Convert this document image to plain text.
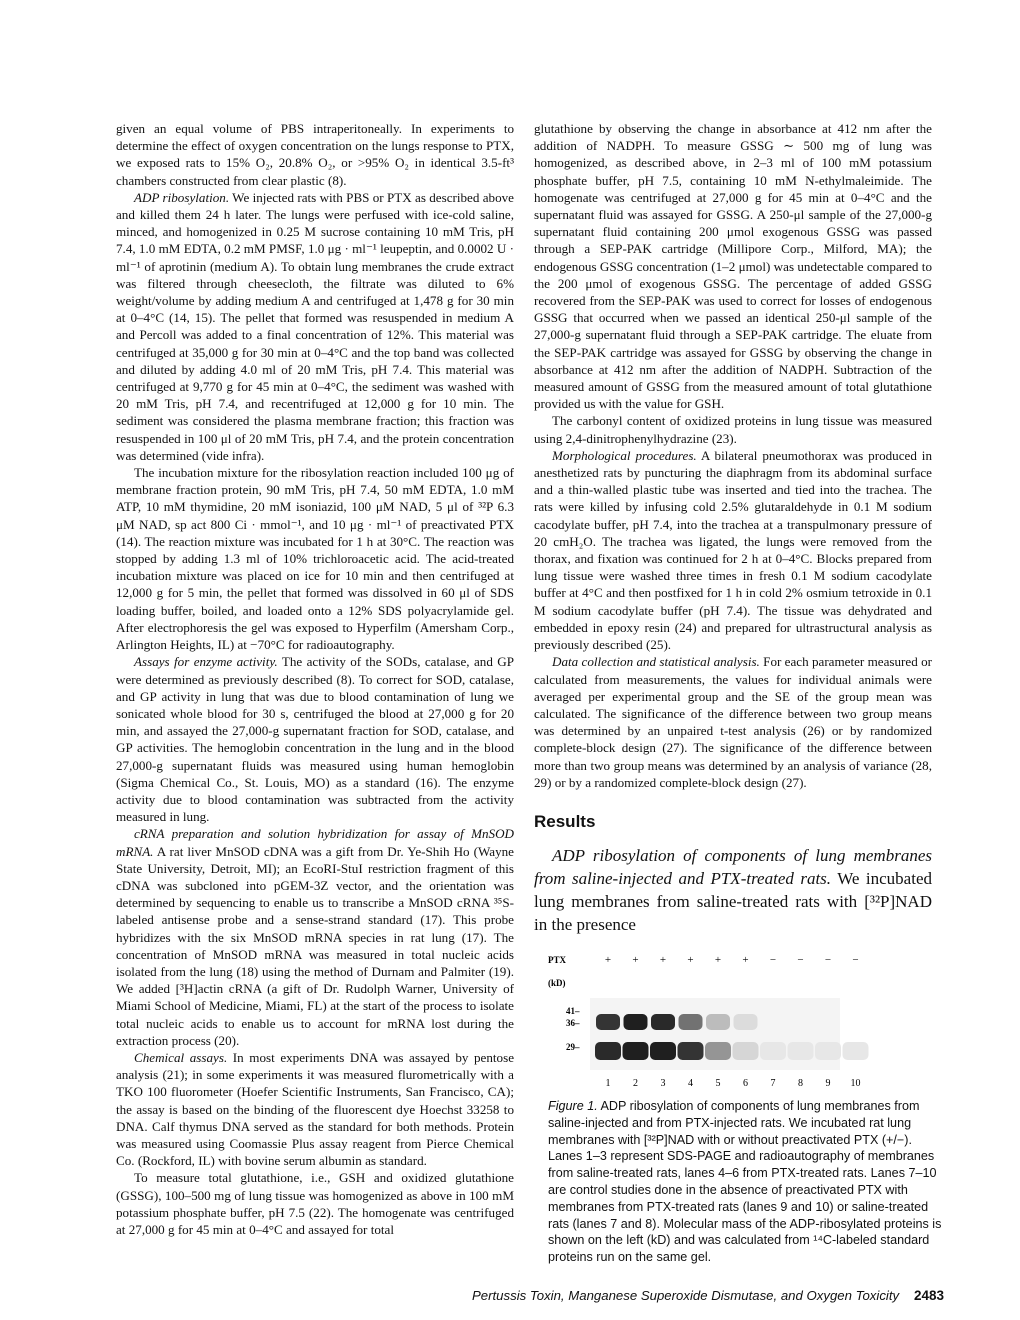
given an equal volume of PBS intraperitoneally. In experiments to determine the effect of oxygen concentration on the lungs response to PTX, we exposed rats to 15% O₂, 20.8% O₂, or >95% O₂ in identical 3.5-ft³ chambers constructed from clear plastic (8).

ADP ribosylation. We injected rats with PBS or PTX as described above and killed them 24 h later. The lungs were perfused with ice-cold saline, minced, and homogenized in 0.25 M sucrose containing 10 mM Tris, pH 7.4, 1.0 mM EDTA, 0.2 mM PMSF, 1.0 μg · ml⁻¹ leupeptin, and 0.0002 U · ml⁻¹ of aprotinin (medium A). To obtain lung membranes the crude extract was filtered through cheesecloth, the filtrate was diluted to 6% weight/volume by adding medium A and centrifuged at 1,478 g for 30 min at 0–4°C (14, 15). The pellet that formed was resuspended in medium A and Percoll was added to a final concentration of 12%. This material was centrifuged at 35,000 g for 30 min at 0–4°C and the top band was collected and diluted by adding 4.0 ml of 20 mM Tris, pH 7.4. This material was centrifuged at 9,770 g for 45 min at 0–4°C, the sediment was washed with 20 mM Tris, pH 7.4, and recentrifuged at 12,000 g for 10 min. The sediment was considered the plasma membrane fraction; this fraction was resuspended in 100 μl of 20 mM Tris, pH 7.4, and the protein concentration was determined (vide infra).

The incubation mixture for the ribosylation reaction included 100 μg of membrane fraction protein, 90 mM Tris, pH 7.4, 50 mM EDTA, 1.0 mM ATP, 10 mM thymidine, 20 mM isoniazid, 100 μM NAD, 5 μl of ³²P 6.3 μM NAD, sp act 800 Ci · mmol⁻¹, and 10 μg · ml⁻¹ of preactivated PTX (14). The reaction mixture was incubated for 1 h at 30°C. The reaction was stopped by adding 1.3 ml of 10% trichloroacetic acid. The acid-treated incubation mixture was placed on ice for 10 min and then centrifuged at 12,000 g for 5 min, the pellet that formed was dissolved in 60 μl of SDS loading buffer, boiled, and loaded onto a 12% SDS polyacrylamide gel. After electrophoresis the gel was exposed to Hyperfilm (Amersham Corp., Arlington Heights, IL) at −70°C for radioautography.

Assays for enzyme activity. The activity of the SODs, catalase, and GP were determined as previously described (8). To correct for SOD, catalase, and GP activity in lung that was due to blood contamination of lung we sonicated whole blood for 30 s, centrifuged the blood at 27,000 g for 20 min, and assayed the 27,000-g supernatant fraction for SOD, catalase, and GP activities. The hemoglobin concentration in the lung and in the blood 27,000-g supernatant fluids was measured using human hemoglobin (Sigma Chemical Co., St. Louis, MO) as a standard (16). The enzyme activity due to blood contamination was subtracted from the activity measured in lung.

cRNA preparation and solution hybridization for assay of MnSOD mRNA. A rat liver MnSOD cDNA was a gift from Dr. Ye-Shih Ho (Wayne State University, Detroit, MI); an EcoRI-StuI restriction fragment of this cDNA was subcloned into pGEM-3Z vector, and the orientation was determined by sequencing to enable us to transcribe a MnSOD cRNA ³⁵S-labeled antisense probe and a sense-strand standard (17). This probe hybridizes with the six MnSOD mRNA species in rat lung (17). The concentration of MnSOD mRNA was measured in total nucleic acids isolated from the lung (18) using the method of Durnam and Palmiter (19). We added [³H]actin cRNA (a gift of Dr. Rudolph Warner, University of Miami School of Medicine, Miami, FL) at the start of the process to isolate total nucleic acids to enable us to account for mRNA lost during the extraction process (20).

Chemical assays. In most experiments DNA was assayed by pentose analysis (21); in some experiments it was measured flurometrically with a TKO 100 fluorometer (Hoefer Scientific Instruments, San Francisco, CA); the assay is based on the binding of the fluorescent dye Hoechst 33258 to DNA. Calf thymus DNA served as the standard for both methods. Protein was measured using Coomassie Plus assay reagent from Pierce Chemical Co. (Rockford, IL) with bovine serum albumin as standard.

To measure total glutathione, i.e., GSH and oxidized glutathione (GSSG), 100–500 mg of lung tissue was homogenized as above in 100 mM potassium phosphate buffer, pH 7.5 (22). The homogenate was centrifuged at 27,000 g for 45 min at 0–4°C and assayed for total

glutathione by observing the change in absorbance at 412 nm after the addition of NADPH. To measure GSSG ∼ 500 mg of lung was homogenized, as described above, in 2–3 ml of 100 mM potassium phosphate buffer, pH 7.5, containing 10 mM N-ethylmaleimide. The homogenate was centrifuged at 27,000 g for 45 min at 0–4°C and the supernatant fluid was assayed for GSSG. A 250-μl sample of the 27,000-g supernatant fluid containing 200 μmol exogenous GSSG was passed through a SEP-PAK cartridge (Millipore Corp., Milford, MA); the endogenous GSSG concentration (1–2 μmol) was undetectable compared to the 200 μmol of exogenous GSSG. The percentage of added GSSG recovered from the SEP-PAK was used to correct for losses of endogenous GSSG that occurred when we passed an identical 250-μl sample of the 27,000-g supernatant fluid through a SEP-PAK cartridge. The eluate from the SEP-PAK cartridge was assayed for GSSG by observing the change in absorbance at 412 nm after the addition of NADPH. Subtraction of the measured amount of GSSG from the measured amount of total glutathione provided us with the value for GSH.

The carbonyl content of oxidized proteins in lung tissue was measured using 2,4-dinitrophenylhydrazine (23).

Morphological procedures. A bilateral pneumothorax was produced in anesthetized rats by puncturing the diaphragm from its abdominal surface and a thin-walled plastic tube was inserted and tied into the trachea. The rats were killed by infusing cold 2.5% glutaraldehyde in 0.1 M sodium cacodylate buffer, pH 7.4, into the trachea at a transpulmonary pressure of 20 cmH₂O. The trachea was ligated, the lungs were removed from the thorax, and fixation was continued for 2 h at 0–4°C. Blocks prepared from lung tissue were washed three times in fresh 0.1 M sodium cacodylate buffer at 4°C and then postfixed for 1 h in cold 2% osmium tetroxide in 0.1 M sodium cacodylate buffer (pH 7.4). The tissue was dehydrated and embedded in epoxy resin (24) and prepared for ultrastructural analysis as previously described (25).

Data collection and statistical analysis. For each parameter measured or calculated from measurements, the values for individual animals were averaged per experimental group and the SE of the group mean was calculated. The significance of the difference between two group means was determined by an unpaired t-test analysis (26) or by randomized complete-block design (27). The significance of the difference between more than two group means was determined by an analysis of variance (28, 29) or by a randomized complete-block design (27).

Results

ADP ribosylation of components of lung membranes from saline-injected and PTX-treated rats. We incubated lung membranes from saline-treated rats with [³²P]NAD in the presence

PTX
(kD)
+ + + + + + − − − −
41–
36–
29–
1 2 3 4 5 6 7 8 9 10
Figure 1. ADP ribosylation of components of lung membranes from saline-injected and from PTX-injected rats. We incubated rat lung membranes with [³²P]NAD with or without preactivated PTX (+/−). Lanes 1–3 represent SDS-PAGE and radioautography of membranes from saline-treated rats, lanes 4–6 from PTX-treated rats. Lanes 7–10 are control studies done in the absence of preactivated PTX with membranes from PTX-treated rats (lanes 9 and 10) or saline-treated rats (lanes 7 and 8). Molecular mass of the ADP-ribosylated proteins is shown on the left (kD) and was calculated from ¹⁴C-labeled standard proteins run on the same gel.
Pertussis Toxin, Manganese Superoxide Dismutase, and Oxygen Toxicity 2483
